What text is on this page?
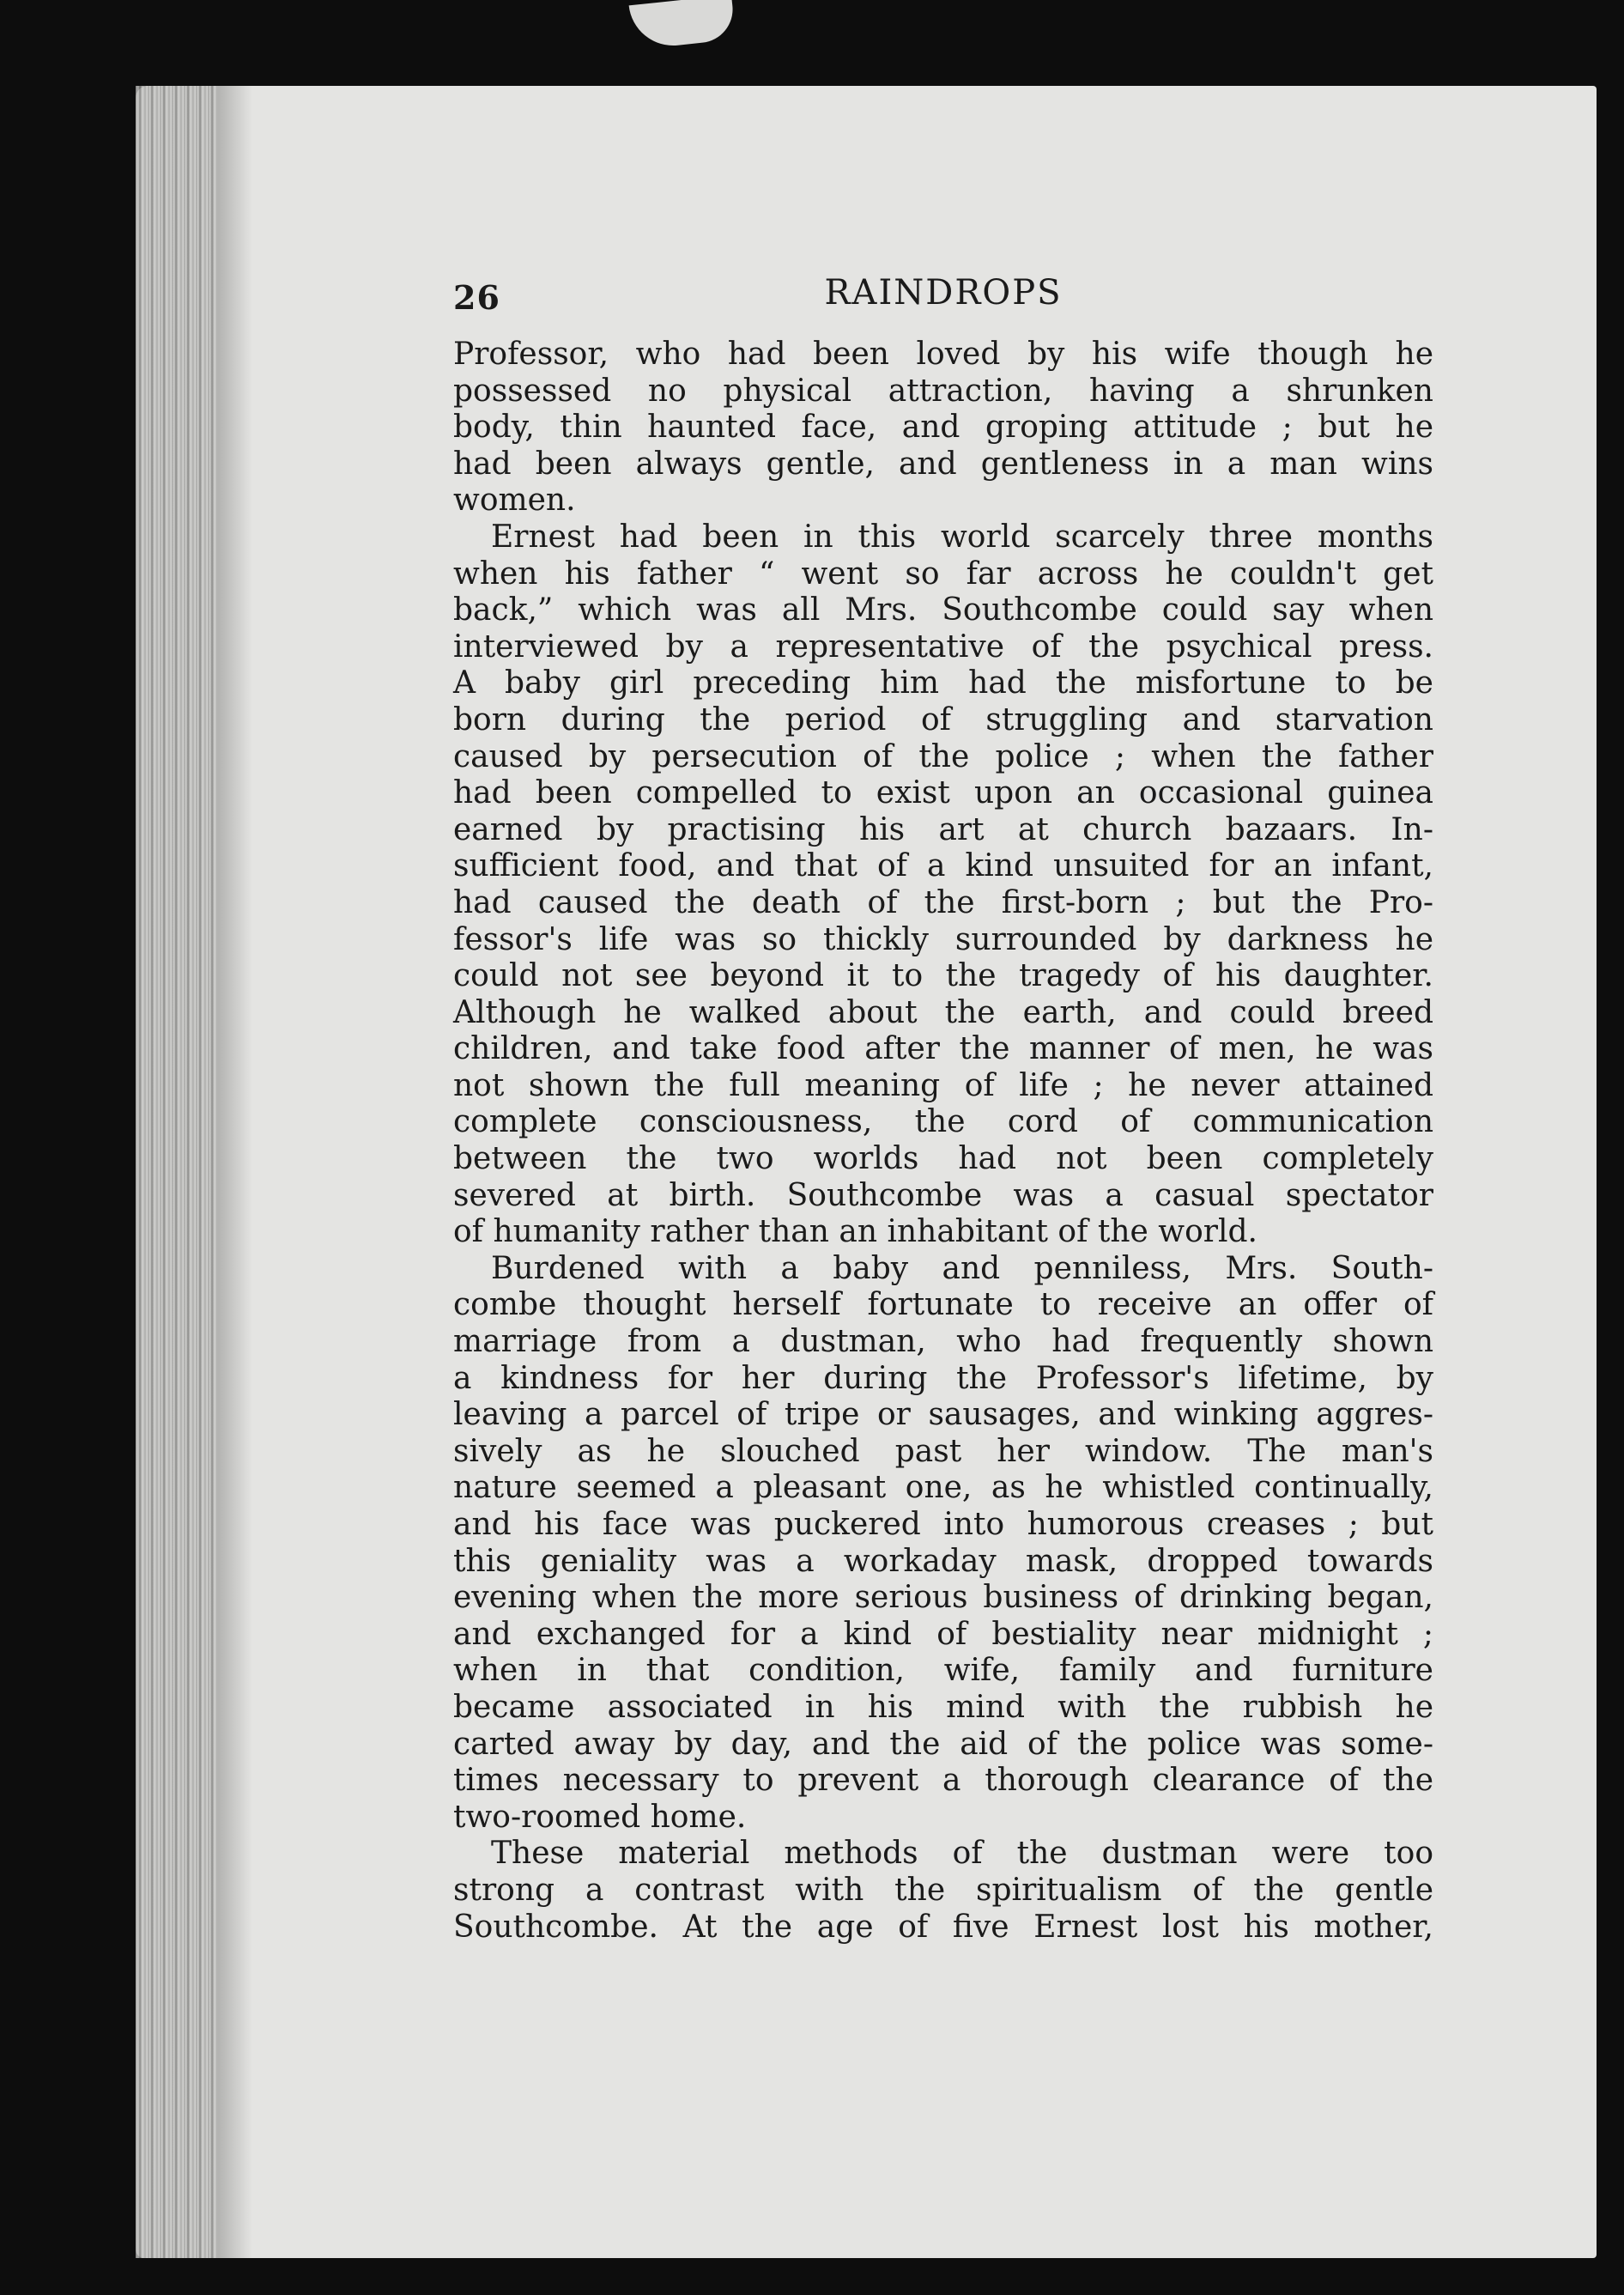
26	RAINDROPS
Professor, who had been loved by his wife though he
possessed no physical attraction, having a shrunken
body, thin haunted face, and groping attitude ; but he
had been always gentle, and gentleness in a man wins
women.
Ernest had been in this world scarcely three months
when his father “ went so far across he couldn't get
back,” which was all Mrs. Southcombe could say when
interviewed by a representative of the psychical press.
A baby girl preceding him had the misfortune to be
born during the period of struggling and starvation
caused by persecution of the police ; when the father
had been compelled to exist upon an occasional guinea
earned by practising his art at church bazaars. In-
sufficient food, and that of a kind unsuited for an infant,
had caused the death of the first-born ; but the Pro-
fessor's life was so thickly surrounded by darkness he
could not see beyond it to the tragedy of his daughter.
Although he walked about the earth, and could breed
children, and take food after the manner of men, he was
not shown the full meaning of life ; he never attained
complete consciousness, the cord of communication
between the two worlds had not been completely
severed at birth. Southcombe was a casual spectator
of humanity rather than an inhabitant of the world.
Burdened with a baby and penniless, Mrs. South-
combe thought herself fortunate to receive an offer of
marriage from a dustman, who had frequently shown
a kindness for her during the Professor's lifetime, by
leaving a parcel of tripe or sausages, and winking aggres-
sively as he slouched past her window. The man's
nature seemed a pleasant one, as he whistled continually,
and his face was puckered into humorous creases ; but
this geniality was a workaday mask, dropped towards
evening when the more serious business of drinking began,
and exchanged for a kind of bestiality near midnight ;
when in that condition, wife, family and furniture
became associated in his mind with the rubbish he
carted away by day, and the aid of the police was some-
times necessary to prevent a thorough clearance of the
two-roomed home.
These material methods of the dustman were too
strong a contrast with the spiritualism of the gentle
Southcombe. At the age of five Ernest lost his mother,
